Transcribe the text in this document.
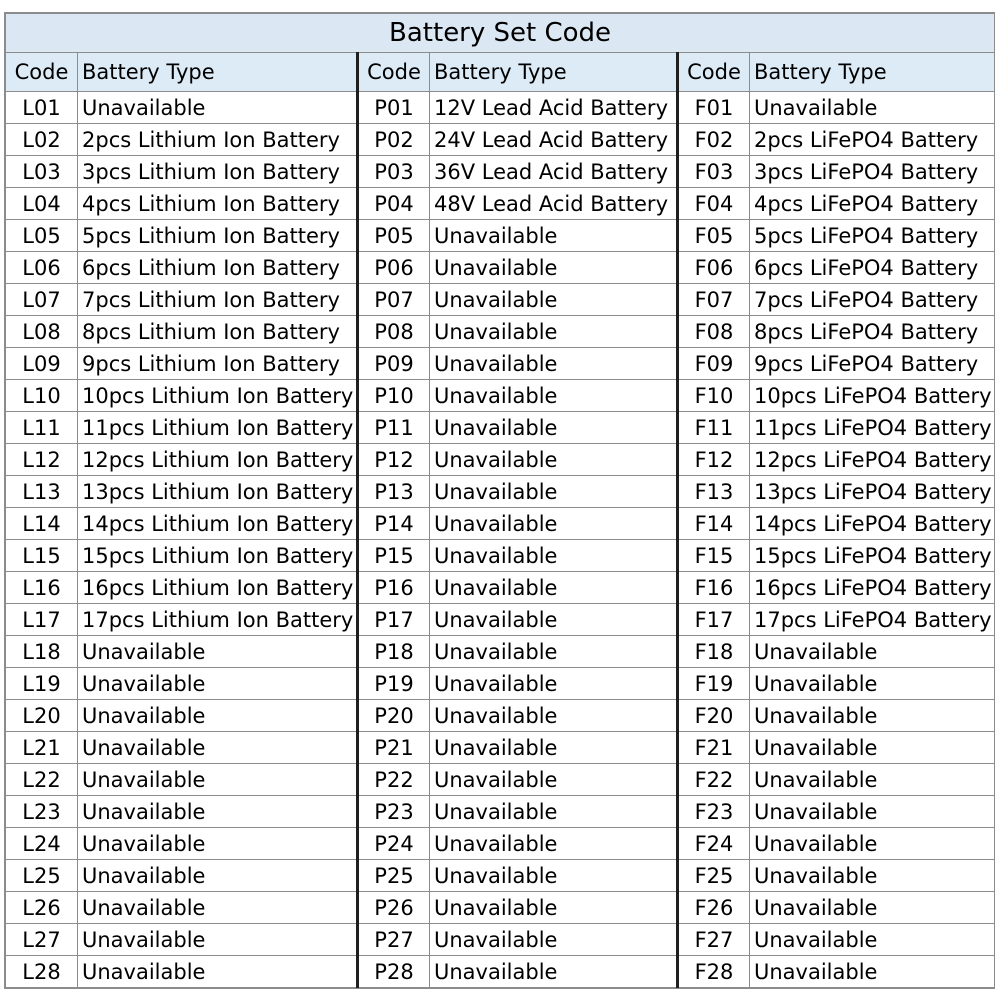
Battery Set Code					
Code	Battery Type	Code	Battery Type	Code	Battery Type
L01	Unavailable	P01	12V Lead Acid Battery	F01	Unavailable
L02	2pcs Lithium Ion Battery	P02	24V Lead Acid Battery	F02	2pcs LiFePO4 Battery
L03	3pcs Lithium Ion Battery	P03	36V Lead Acid Battery	F03	3pcs LiFePO4 Battery
L04	4pcs Lithium Ion Battery	P04	48V Lead Acid Battery	F04	4pcs LiFePO4 Battery
L05	5pcs Lithium Ion Battery	P05	Unavailable	F05	5pcs LiFePO4 Battery
L06	6pcs Lithium Ion Battery	P06	Unavailable	F06	6pcs LiFePO4 Battery
L07	7pcs Lithium Ion Battery	P07	Unavailable	F07	7pcs LiFePO4 Battery
L08	8pcs Lithium Ion Battery	P08	Unavailable	F08	8pcs LiFePO4 Battery
L09	9pcs Lithium Ion Battery	P09	Unavailable	F09	9pcs LiFePO4 Battery
L10	10pcs Lithium Ion Battery	P10	Unavailable	F10	10pcs LiFePO4 Battery
L11	11pcs Lithium Ion Battery	P11	Unavailable	F11	11pcs LiFePO4 Battery
L12	12pcs Lithium Ion Battery	P12	Unavailable	F12	12pcs LiFePO4 Battery
L13	13pcs Lithium Ion Battery	P13	Unavailable	F13	13pcs LiFePO4 Battery
L14	14pcs Lithium Ion Battery	P14	Unavailable	F14	14pcs LiFePO4 Battery
L15	15pcs Lithium Ion Battery	P15	Unavailable	F15	15pcs LiFePO4 Battery
L16	16pcs Lithium Ion Battery	P16	Unavailable	F16	16pcs LiFePO4 Battery
L17	17pcs Lithium Ion Battery	P17	Unavailable	F17	17pcs LiFePO4 Battery
L18	Unavailable	P18	Unavailable	F18	Unavailable
L19	Unavailable	P19	Unavailable	F19	Unavailable
L20	Unavailable	P20	Unavailable	F20	Unavailable
L21	Unavailable	P21	Unavailable	F21	Unavailable
L22	Unavailable	P22	Unavailable	F22	Unavailable
L23	Unavailable	P23	Unavailable	F23	Unavailable
L24	Unavailable	P24	Unavailable	F24	Unavailable
L25	Unavailable	P25	Unavailable	F25	Unavailable
L26	Unavailable	P26	Unavailable	F26	Unavailable
L27	Unavailable	P27	Unavailable	F27	Unavailable
L28	Unavailable	P28	Unavailable	F28	Unavailable
